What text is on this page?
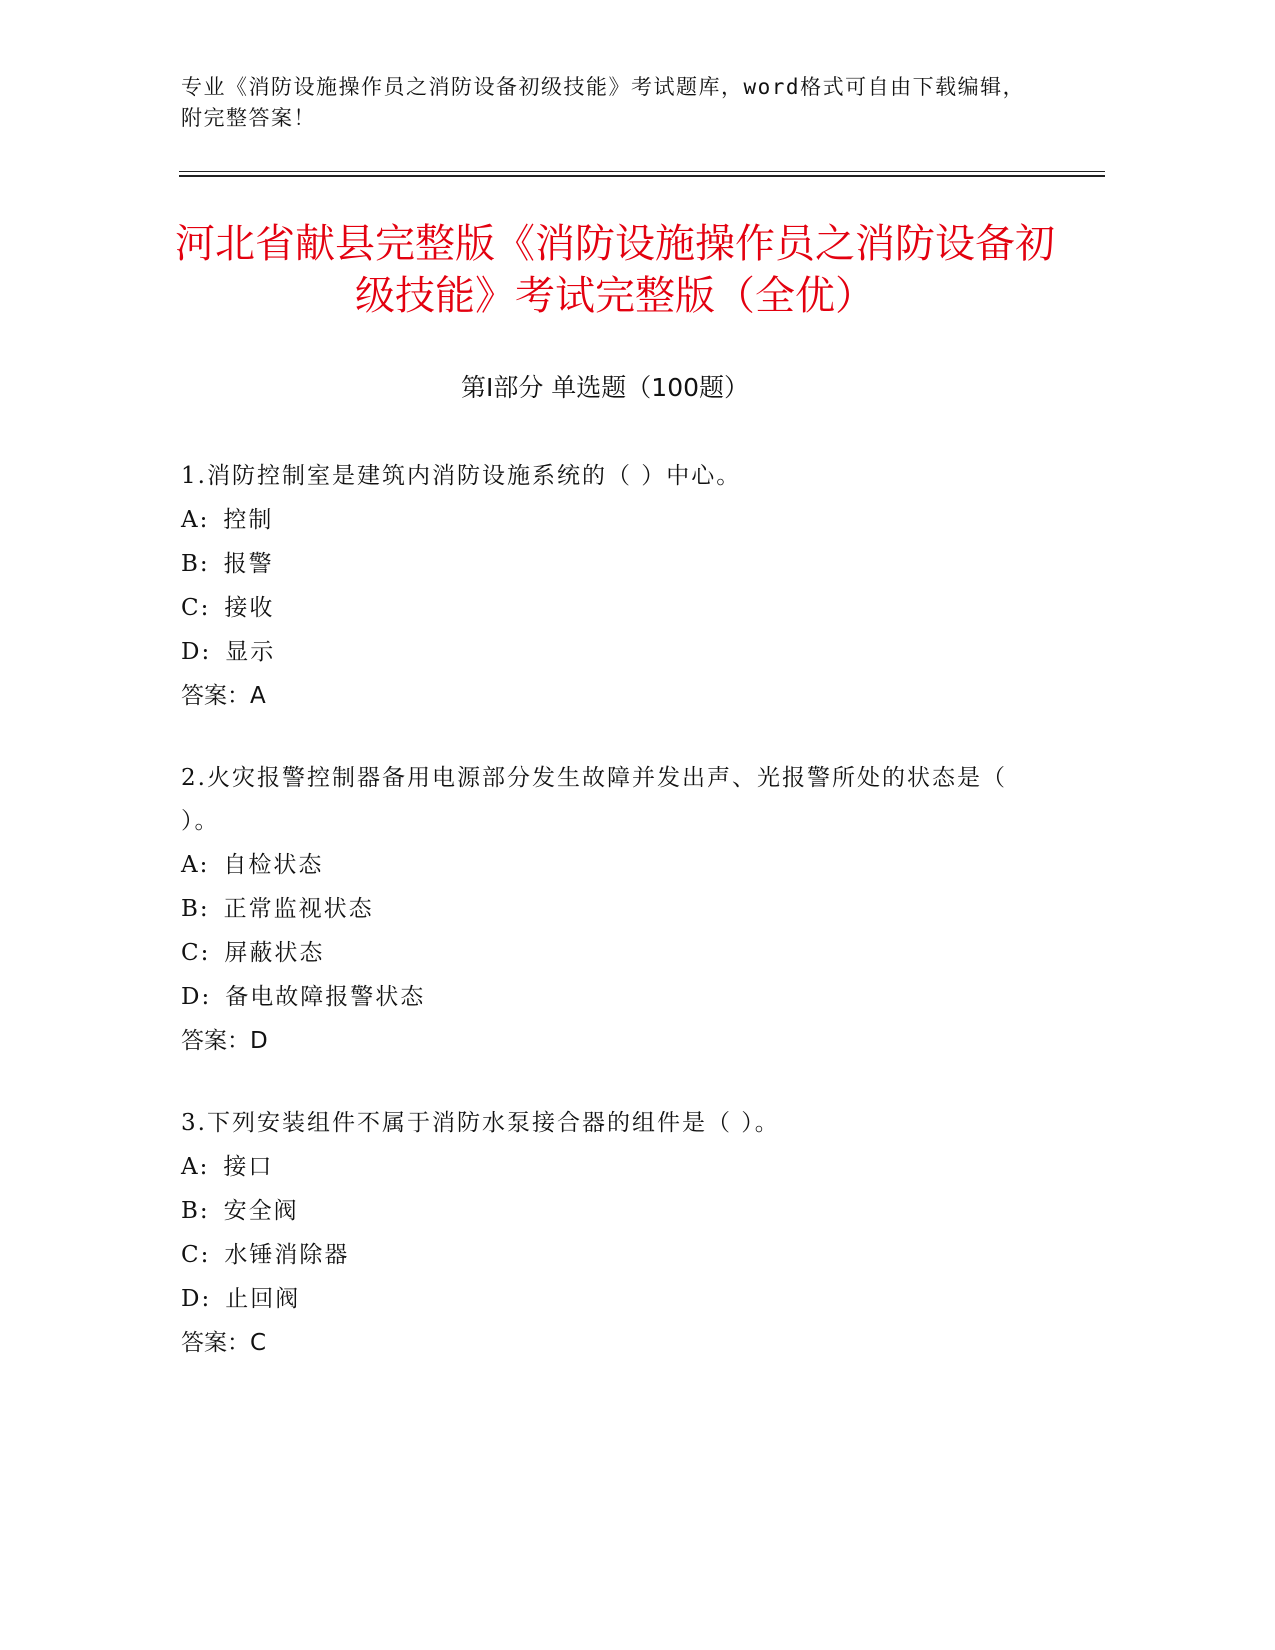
专业《消防设施操作员之消防设备初级技能》考试题库，word格式可自由下载编辑，附完整答案！
河北省献县完整版《消防设施操作员之消防设备初级技能》考试完整版（全优）
第I部分 单选题（100题）

1.消防控制室是建筑内消防设施系统的（ ）中心。

A: 控制

B: 报警

C: 接收

D: 显示

答案：A

2.火灾报警控制器备用电源部分发生故障并发出声、光报警所处的状态是（ ）。

A: 自检状态

B: 正常监视状态

C: 屏蔽状态

D: 备电故障报警状态

答案：D

3.下列安装组件不属于消防水泵接合器的组件是（ ）。

A: 接口

B: 安全阀

C: 水锤消除器

D: 止回阀

答案：C
